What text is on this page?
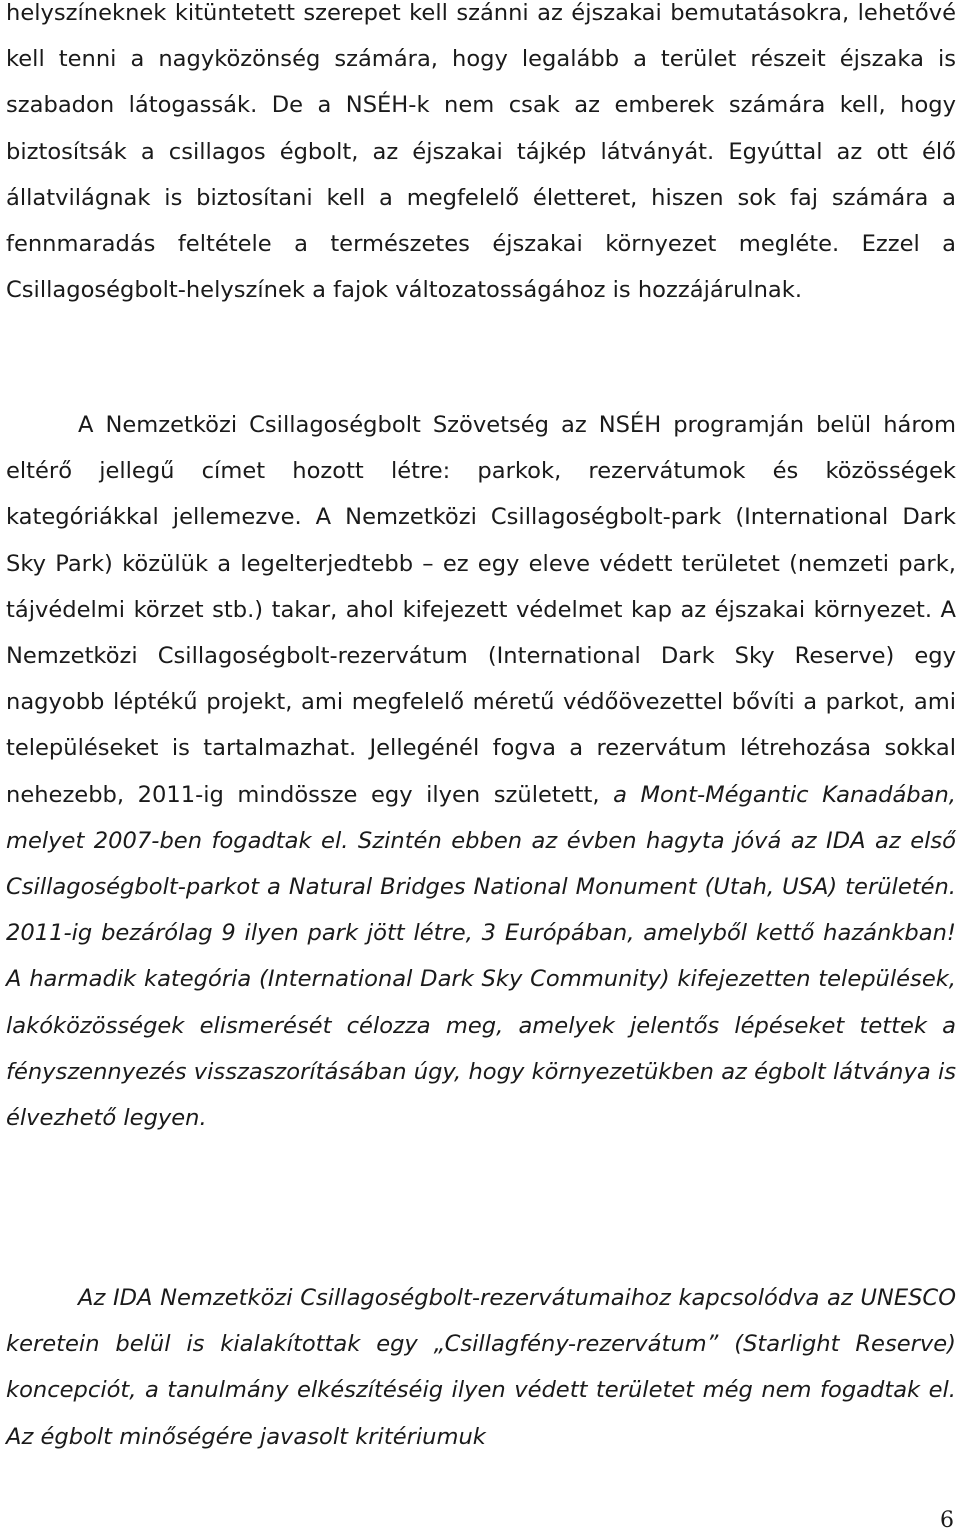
helyszíneknek kitüntetett szerepet kell szánni az éjszakai bemutatásokra, lehetővé kell tenni a nagyközönség számára, hogy legalább a terület részeit éjszaka is szabadon látogassák. De a NSÉH-k nem csak az emberek számára kell, hogy biztosítsák a csillagos égbolt, az éjszakai tájkép látványát. Egyúttal az ott élő állatvilágnak is biztosítani kell a megfelelő életteret, hiszen sok faj számára a fennmaradás feltétele a természetes éjszakai környezet megléte. Ezzel a Csillagoségbolt-helyszínek a fajok változatosságához is hozzájárulnak.

A Nemzetközi Csillagoségbolt Szövetség az NSÉH programján belül három eltérő jellegű címet hozott létre: parkok, rezervátumok és közösségek kategóriákkal jellemezve. A Nemzetközi Csillagoségbolt-park (International Dark Sky Park) közülük a legelterjedtebb – ez egy eleve védett területet (nemzeti park, tájvédelmi körzet stb.) takar, ahol kifejezett védelmet kap az éjszakai környezet. A Nemzetközi Csillagoségbolt-rezervátum (International Dark Sky Reserve) egy nagyobb léptékű projekt, ami megfelelő méretű védőövezettel bővíti a parkot, ami településeket is tartalmazhat. Jellegénél fogva a rezervátum létrehozása sokkal nehezebb, 2011-ig mindössze egy ilyen született, a Mont-Mégantic Kanadában, melyet 2007-ben fogadtak el. Szintén ebben az évben hagyta jóvá az IDA az első Csillagoségbolt-parkot a Natural Bridges National Monument (Utah, USA) területén. 2011-ig bezárólag 9 ilyen park jött létre, 3 Európában, amelyből kettő hazánkban! A harmadik kategória (International Dark Sky Community) kifejezetten települések, lakóközösségek elismerését célozza meg, amelyek jelentős lépéseket tettek a fényszennyezés visszaszorításában úgy, hogy környezetükben az égbolt látványa is élvezhető legyen.

Az IDA Nemzetközi Csillagoségbolt-rezervátumaihoz kapcsolódva az UNESCO keretein belül is kialakítottak egy „Csillagfény-rezervátum” (Starlight Reserve) koncepciót, a tanulmány elkészítéséig ilyen védett területet még nem fogadtak el. Az égbolt minőségére javasolt kritériumuk

6
